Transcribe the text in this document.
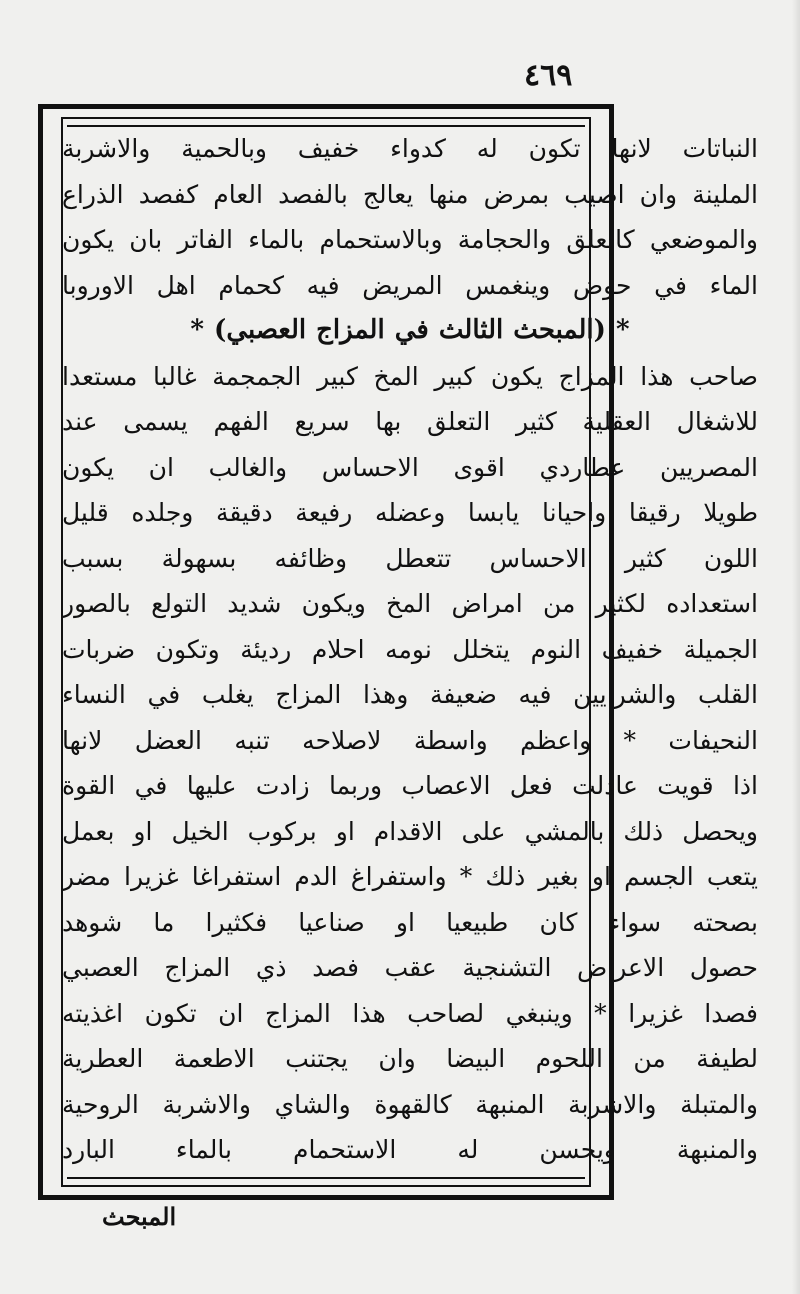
٤٦٩
النباتات لانها تكون له كدواء خفيف وبالحمية والاشربة
الملينة وان اصيب بمرض منها يعالج بالفصد العام كفصد الذراع
والموضعي كالعلق والحجامة وبالاستحمام بالماء الفاتر بان يكون
الماء في حوض وينغمس المريض فيه كحمام اهل الاوروبا
* (المبحث الثالث في المزاج العصبي) *
صاحب هذا المزاج يكون كبير المخ كبير الجمجمة غالبا مستعدا
للاشغال العقلية كثير التعلق بها سريع الفهم يسمى عند
المصريين عطاردي اقوى الاحساس والغالب ان يكون
طويلا رقيقا واحيانا يابسا وعضله رفيعة دقيقة وجلده قليل
اللون كثير الاحساس تتعطل وظائفه بسهولة بسبب
استعداده لكثير من امراض المخ ويكون شديد التولع بالصور
الجميلة خفيف النوم يتخلل نومه احلام رديئة وتكون ضربات
القلب والشرايين فيه ضعيفة وهذا المزاج يغلب في النساء
النحيفات * واعظم واسطة لاصلاحه تنبه العضل لانها
اذا قويت عادلت فعل الاعصاب وربما زادت عليها في القوة
ويحصل ذلك بالمشي على الاقدام او بركوب الخيل او بعمل
يتعب الجسم او بغير ذلك * واستفراغ الدم استفراغا غزيرا مضر
بصحته سواء كان طبيعيا او صناعيا فكثيرا ما شوهد
حصول الاعراض التشنجية عقب فصد ذي المزاج العصبي
فصدا غزيرا * وينبغي لصاحب هذا المزاج ان تكون اغذيته
لطيفة من اللحوم البيضا وان يجتنب الاطعمة العطرية
والمتبلة والاشربة المنبهة كالقهوة والشاي والاشربة الروحية
والمنبهة ويحسن له الاستحمام بالماء البارد
المبحث
